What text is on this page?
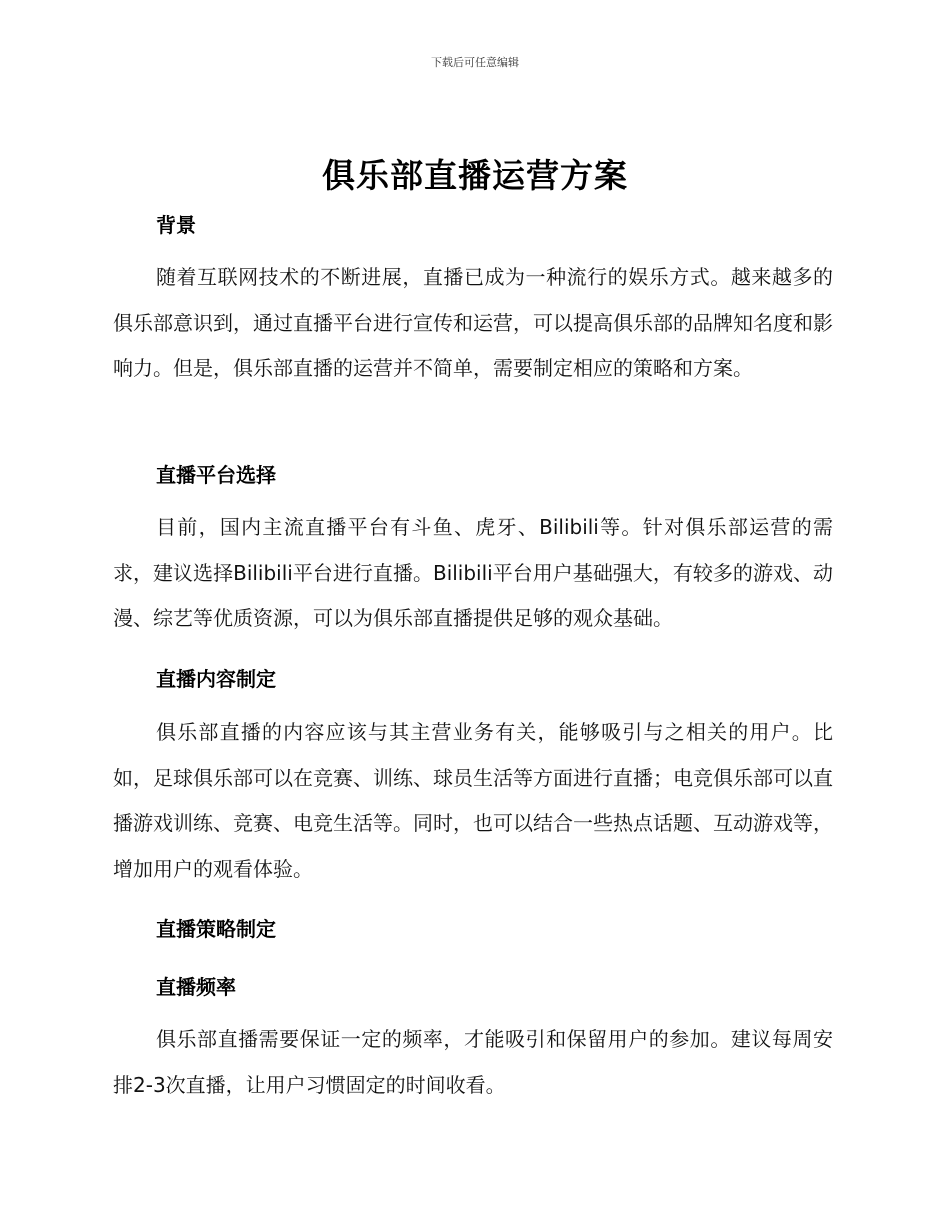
下载后可任意编辑
俱乐部直播运营方案
背景

随着互联网技术的不断进展，直播已成为一种流行的娱乐方式。越来越多的俱乐部意识到，通过直播平台进行宣传和运营，可以提高俱乐部的品牌知名度和影响力。但是，俱乐部直播的运营并不简单，需要制定相应的策略和方案。

直播平台选择

目前，国内主流直播平台有斗鱼、虎牙、Bilibili等。针对俱乐部运营的需求，建议选择Bilibili平台进行直播。Bilibili平台用户基础强大，有较多的游戏、动漫、综艺等优质资源，可以为俱乐部直播提供足够的观众基础。

直播内容制定

俱乐部直播的内容应该与其主营业务有关，能够吸引与之相关的用户。比如，足球俱乐部可以在竞赛、训练、球员生活等方面进行直播；电竞俱乐部可以直播游戏训练、竞赛、电竞生活等。同时，也可以结合一些热点话题、互动游戏等，增加用户的观看体验。

直播策略制定
直播频率

俱乐部直播需要保证一定的频率，才能吸引和保留用户的参加。建议每周安排2-3次直播，让用户习惯固定的时间收看。
